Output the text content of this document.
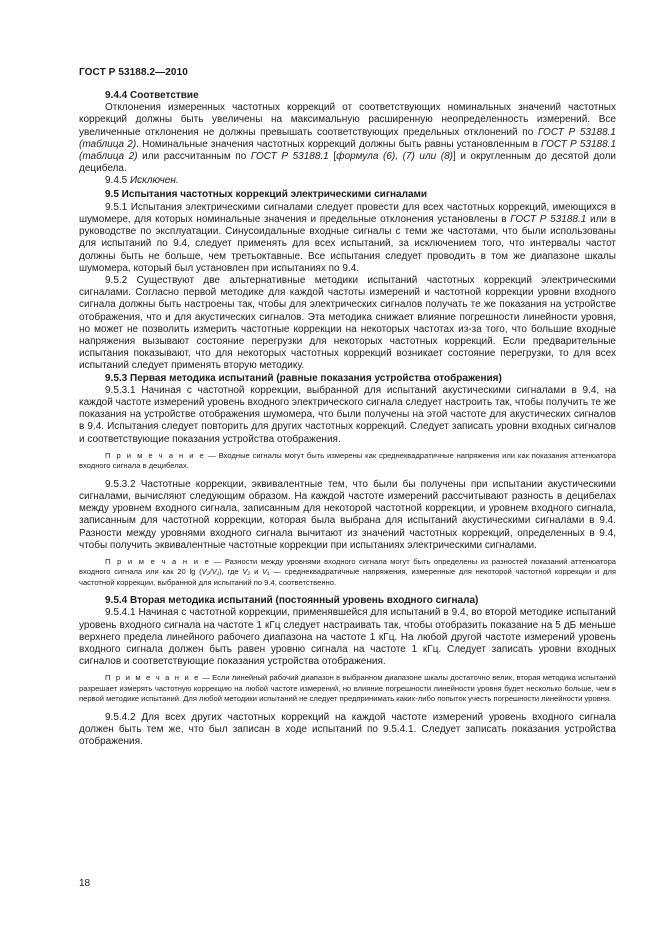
ГОСТ Р 53188.2—2010

9.4.4 Соответствие

Отклонения измеренных частотных коррекций от соответствующих номинальных значений частотных коррекций должны быть увеличены на максимальную расширенную неопределенность измерений. Все увеличенные отклонения не должны превышать соответствующих предельных отклонений по ГОСТ Р 53188.1 (таблица 2). Номинальные значения частотных коррекций должны быть равны установленным в ГОСТ Р 53188.1 (таблица 2) или рассчитанным по ГОСТ Р 53188.1 [формула (6), (7) или (8)] и округленным до десятой доли децибела.

9.4.5 Исключен.

9.5 Испытания частотных коррекций электрическими сигналами

9.5.1 Испытания электрическими сигналами следует провести для всех частотных коррекций, имеющихся в шумомере, для которых номинальные значения и предельные отклонения установлены в ГОСТ Р 53188.1 или в руководстве по эксплуатации. Синусоидальные входные сигналы с теми же частотами, что были использованы для испытаний по 9.4, следует применять для всех испытаний, за исключением того, что интервалы частот должны быть не больше, чем третьоктавные. Все испытания следует проводить в том же диапазоне шкалы шумомера, который был установлен при испытаниях по 9.4.

9.5.2 Существуют две альтернативные методики испытаний частотных коррекций электрическими сигналами. Согласно первой методике для каждой частоты измерений и частотной коррекции уровни входного сигнала должны быть настроены так, чтобы для электрических сигналов получать те же показания на устройстве отображения, что и для акустических сигналов. Эта методика снижает влияние погрешности линейности уровня, но может не позволить измерить частотные коррекции на некоторых частотах из-за того, что большие входные напряжения вызывают состояние перегрузки для некоторых частотных коррекций. Если предварительные испытания показывают, что для некоторых частотных коррекций возникает состояние перегрузки, то для всех испытаний следует применять вторую методику.

9.5.3 Первая методика испытаний (равные показания устройства отображения)

9.5.3.1 Начиная с частотной коррекции, выбранной для испытаний акустическими сигналами в 9.4, на каждой частоте измерений уровень входного электрического сигнала следует настроить так, чтобы получить те же показания на устройстве отображения шумомера, что были получены на этой частоте для акустических сигналов в 9.4. Испытания следует повторить для других частотных коррекций. Следует записать уровни входных сигналов и соответствующие показания устройства отображения.

П р и м е ч а н и е — Входные сигналы могут быть измерены как среднеквадратичные напряжения или как показания аттенюатора входного сигнала в децибелах.

9.5.3.2 Частотные коррекции, эквивалентные тем, что были бы получены при испытании акустическими сигналами, вычисляют следующим образом. На каждой частоте измерений рассчитывают разность в децибелах между уровнем входного сигнала, записанным для некоторой частотной коррекции, и уровнем входного сигнала, записанным для частотной коррекции, которая была выбрана для испытаний акустическими сигналами в 9.4. Разности между уровнями входного сигнала вычитают из значений частотных коррекций, определенных в 9.4, чтобы получить эквивалентные частотные коррекции при испытаниях электрическими сигналами.

П р и м е ч а н и е — Разности между уровнями входного сигнала могут быть определены из разностей показаний аттенюатора входного сигнала или как 20 lg (V₂/V₁), где V₂ и V₁ — среднеквадратичные напряжения, измеренные для некоторой частотной коррекции и для частотной коррекции, выбранной для испытаний по 9.4, соответственно.

9.5.4 Вторая методика испытаний (постоянный уровень входного сигнала)

9.5.4.1 Начиная с частотной коррекции, применявшейся для испытаний в 9.4, во второй методике испытаний уровень входного сигнала на частоте 1 кГц следует настраивать так, чтобы отобразить показание на 5 дБ меньше верхнего предела линейного рабочего диапазона на частоте 1 кГц. На любой другой частоте измерений уровень входного сигнала должен быть равен уровню сигнала на частоте 1 кГц. Следует записать уровни входных сигналов и соответствующие показания устройства отображения.

П р и м е ч а н и е — Если линейный рабочий диапазон в выбранном диапазоне шкалы достаточно велик, вторая методика испытаний разрешает измерять частотную коррекцию на любой частоте измерений, но влияние погрешности линейности уровня будет несколько больше, чем в первой методике испытаний. Для любой методики испытаний не следует предпринимать каких-либо попыток учесть погрешности линейности уровня.

9.5.4.2 Для всех других частотных коррекций на каждой частоте измерений уровень входного сигнала должен быть тем же, что был записан в ходе испытаний по 9.5.4.1. Следует записать показания устройства отображения.

18
